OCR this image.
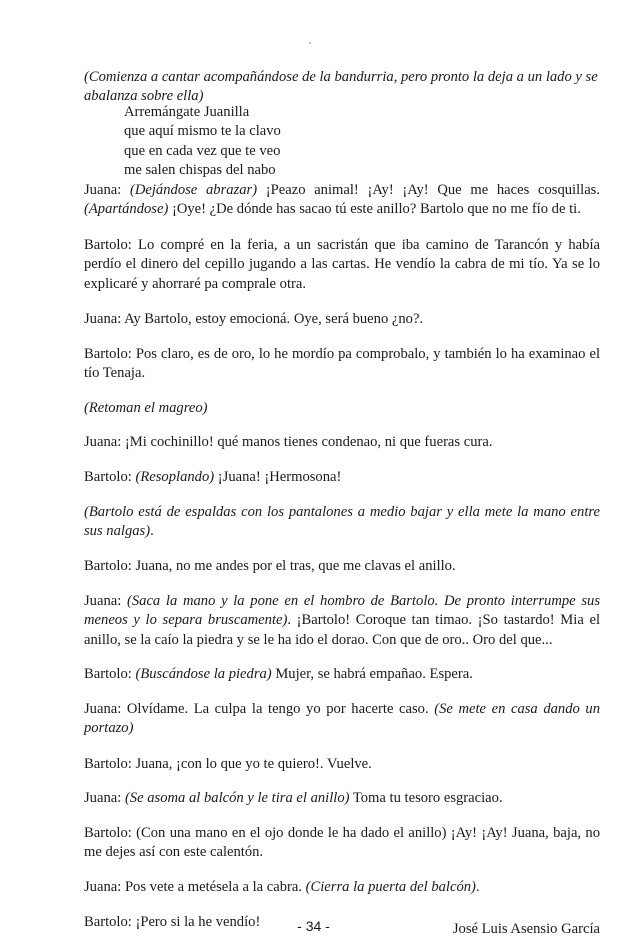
(Comienza a cantar acompañándose de la bandurria, pero pronto la deja a un lado y se abalanza sobre ella)
Arremángate Juanilla
que aquí mismo te la clavo
que en cada vez que te veo
me salen chispas del nabo
Juana: (Dejándose abrazar) ¡Peazo animal! ¡Ay! ¡Ay! Que me haces cosquillas. (Apartándose) ¡Oye! ¿De dónde has sacao tú este anillo? Bartolo que no me fío de ti.
Bartolo: Lo compré en la feria, a un sacristán que iba camino de Tarancón y había perdío el dinero del cepillo jugando a las cartas. He vendío la cabra de mi tío. Ya se lo explicaré y ahorraré pa comprale otra.
Juana: Ay Bartolo, estoy emocioná. Oye, será bueno ¿no?.
Bartolo: Pos claro, es de oro, lo he mordío pa comprobalo, y también lo ha examinao el tío Tenaja.
(Retoman el magreo)
Juana: ¡Mi cochinillo! qué manos tienes condenao, ni que fueras cura.
Bartolo: (Resoplando) ¡Juana! ¡Hermosona!
(Bartolo está de espaldas con los pantalones a medio bajar y ella mete la mano entre sus nalgas).
Bartolo: Juana, no me andes por el tras, que me clavas el anillo.
Juana: (Saca la mano y la pone en el hombro de Bartolo. De pronto interrumpe sus meneos y lo separa bruscamente). ¡Bartolo! Coroque tan timao. ¡So tastardo! Mia el anillo, se la caío la piedra y se le ha ido el dorao. Con que de oro.. Oro del que...
Bartolo: (Buscándose la piedra) Mujer, se habrá empañao. Espera.
Juana: Olvídame. La culpa la tengo yo por hacerte caso. (Se mete en casa dando un portazo)
Bartolo: Juana, ¡con lo que yo te quiero!. Vuelve.
Juana: (Se asoma al balcón y le tira el anillo) Toma tu tesoro esgraciao.
Bartolo: (Con una mano en el ojo donde le ha dado el anillo) ¡Ay! ¡Ay! Juana, baja, no me dejes así con este calentón.
Juana: Pos vete a metésela a la cabra. (Cierra la puerta del balcón).
Bartolo: ¡Pero si la he vendío!	José Luis Asensio García
- 34 -
